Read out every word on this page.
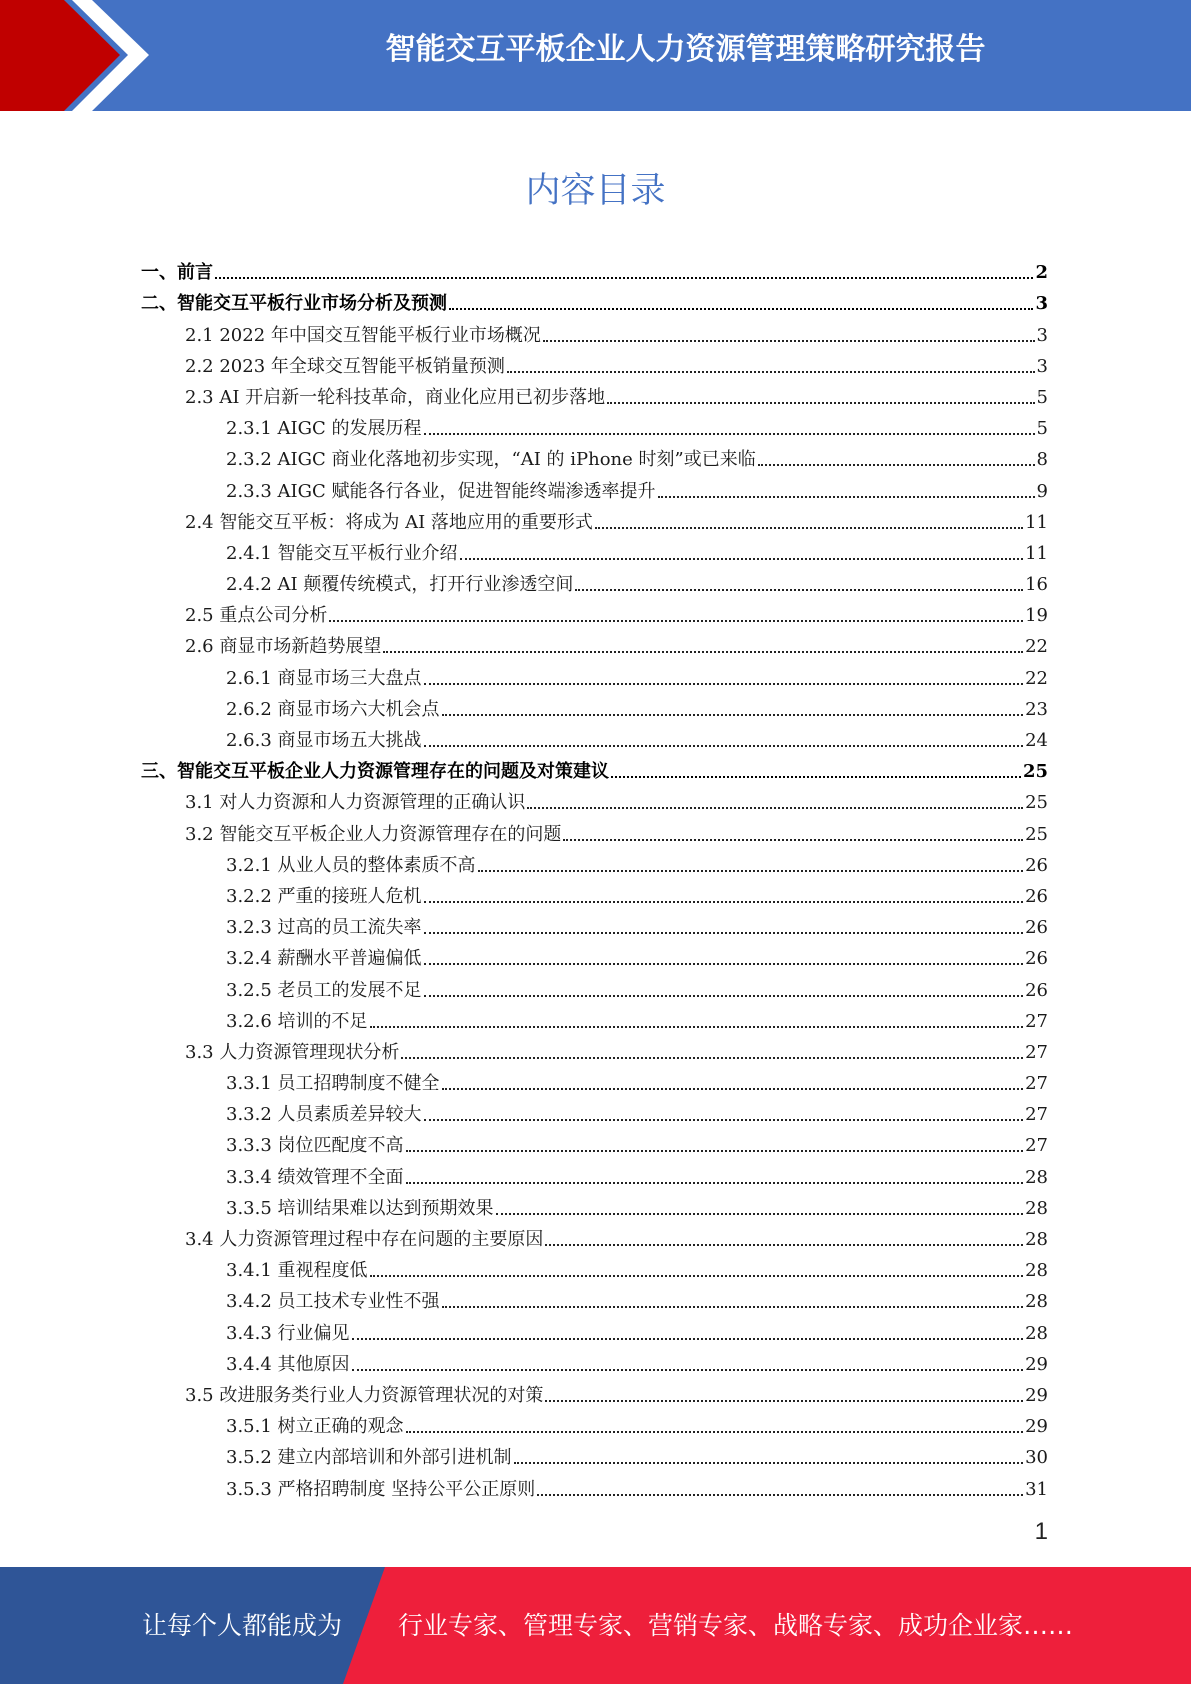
智能交互平板企业人力资源管理策略研究报告
内容目录
一、前言	2
二、智能交互平板行业市场分析及预测	3
2.1 2022 年中国交互智能平板行业市场概况	3
2.2 2023 年全球交互智能平板销量预测	3
2.3 AI 开启新一轮科技革命，商业化应用已初步落地	5
2.3.1 AIGC 的发展历程	5
2.3.2 AIGC 商业化落地初步实现，“AI 的 iPhone 时刻”或已来临	8
2.3.3 AIGC 赋能各行各业，促进智能终端渗透率提升	9
2.4 智能交互平板：将成为 AI 落地应用的重要形式	11
2.4.1 智能交互平板行业介绍	11
2.4.2 AI 颠覆传统模式，打开行业渗透空间	16
2.5 重点公司分析	19
2.6 商显市场新趋势展望	22
2.6.1 商显市场三大盘点	22
2.6.2 商显市场六大机会点	23
2.6.3 商显市场五大挑战	24
三、智能交互平板企业人力资源管理存在的问题及对策建议	25
3.1 对人力资源和人力资源管理的正确认识	25
3.2 智能交互平板企业人力资源管理存在的问题	25
3.2.1 从业人员的整体素质不高	26
3.2.2 严重的接班人危机	26
3.2.3 过高的员工流失率	26
3.2.4 薪酬水平普遍偏低	26
3.2.5 老员工的发展不足	26
3.2.6 培训的不足	27
3.3 人力资源管理现状分析	27
3.3.1 员工招聘制度不健全	27
3.3.2 人员素质差异较大	27
3.3.3 岗位匹配度不高	27
3.3.4 绩效管理不全面	28
3.3.5 培训结果难以达到预期效果	28
3.4 人力资源管理过程中存在问题的主要原因	28
3.4.1 重视程度低	28
3.4.2 员工技术专业性不强	28
3.4.3 行业偏见	28
3.4.4 其他原因	29
3.5 改进服务类行业人力资源管理状况的对策	29
3.5.1 树立正确的观念	29
3.5.2 建立内部培训和外部引进机制	30
3.5.3 严格招聘制度 坚持公平公正原则	31
1
让每个人都能成为 行业专家、管理专家、营销专家、战略专家、成功企业家……
